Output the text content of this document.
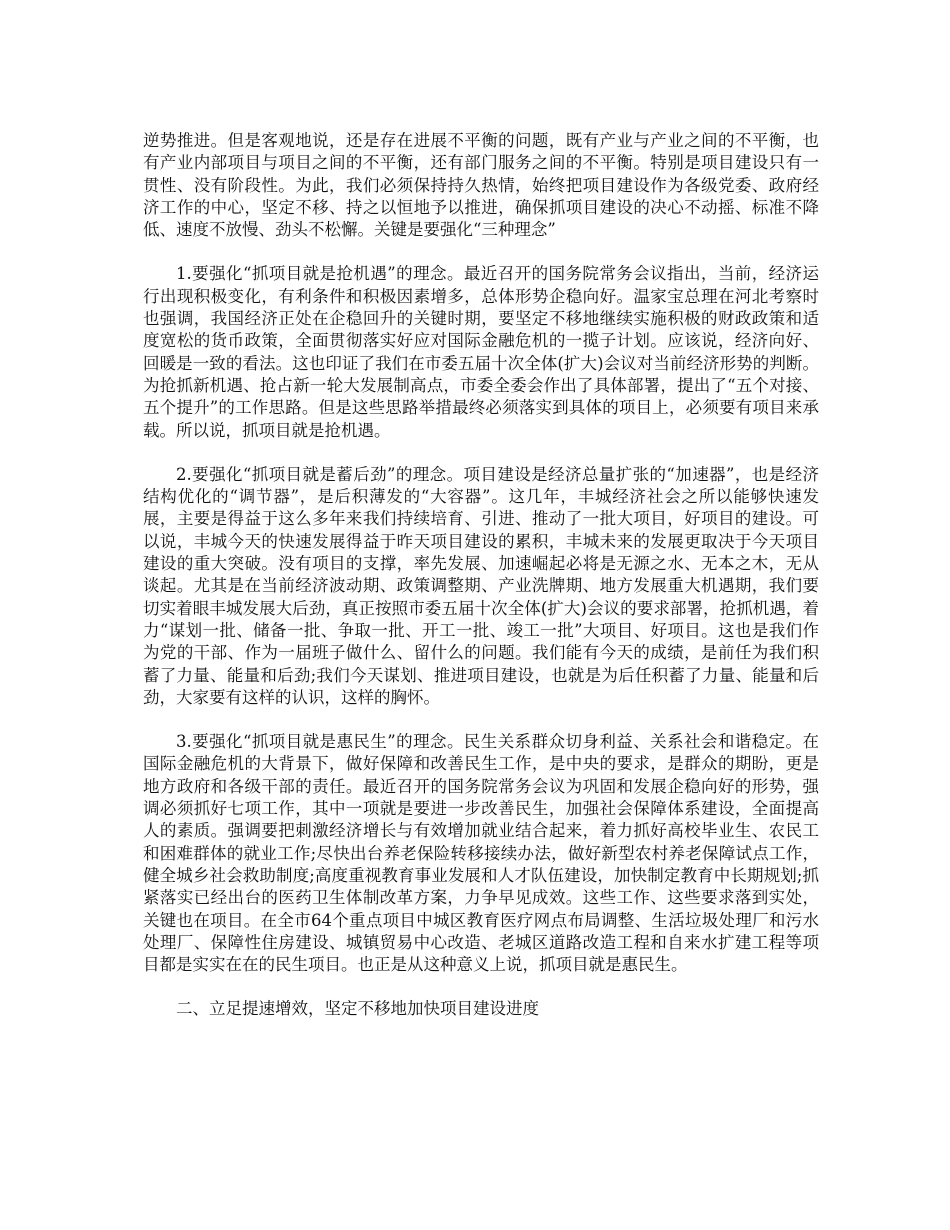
逆势推进。但是客观地说，还是存在进展不平衡的问题，既有产业与产业之间的不平衡，也有产业内部项目与项目之间的不平衡，还有部门服务之间的不平衡。特别是项目建设只有一贯性、没有阶段性。为此，我们必须保持持久热情，始终把项目建设作为各级党委、政府经济工作的中心，坚定不移、持之以恒地予以推进，确保抓项目建设的决心不动摇、标准不降低、速度不放慢、劲头不松懈。关键是要强化“三种理念”

1.要强化“抓项目就是抢机遇”的理念。最近召开的国务院常务会议指出，当前，经济运行出现积极变化，有利条件和积极因素增多，总体形势企稳向好。温家宝总理在河北考察时也强调，我国经济正处在企稳回升的关键时期，要坚定不移地继续实施积极的财政政策和适度宽松的货币政策，全面贯彻落实好应对国际金融危机的一揽子计划。应该说，经济向好、回暖是一致的看法。这也印证了我们在市委五届十次全体(扩大)会议对当前经济形势的判断。为抢抓新机遇、抢占新一轮大发展制高点，市委全委会作出了具体部署，提出了“五个对接、五个提升”的工作思路。但是这些思路举措最终必须落实到具体的项目上，必须要有项目来承载。所以说，抓项目就是抢机遇。

2.要强化“抓项目就是蓄后劲”的理念。项目建设是经济总量扩张的“加速器”，也是经济结构优化的“调节器”，是后积薄发的“大容器”。这几年，丰城经济社会之所以能够快速发展，主要是得益于这么多年来我们持续培育、引进、推动了一批大项目，好项目的建设。可以说，丰城今天的快速发展得益于昨天项目建设的累积，丰城未来的发展更取决于今天项目建设的重大突破。没有项目的支撑，率先发展、加速崛起必将是无源之水、无本之木，无从谈起。尤其是在当前经济波动期、政策调整期、产业洗牌期、地方发展重大机遇期，我们要切实着眼丰城发展大后劲，真正按照市委五届十次全体(扩大)会议的要求部署，抢抓机遇，着力“谋划一批、储备一批、争取一批、开工一批、竣工一批”大项目、好项目。这也是我们作为党的干部、作为一届班子做什么、留什么的问题。我们能有今天的成绩，是前任为我们积蓄了力量、能量和后劲;我们今天谋划、推进项目建设，也就是为后任积蓄了力量、能量和后劲，大家要有这样的认识，这样的胸怀。

3.要强化“抓项目就是惠民生”的理念。民生关系群众切身利益、关系社会和谐稳定。在国际金融危机的大背景下，做好保障和改善民生工作，是中央的要求，是群众的期盼，更是地方政府和各级干部的责任。最近召开的国务院常务会议为巩固和发展企稳向好的形势，强调必须抓好七项工作，其中一项就是要进一步改善民生，加强社会保障体系建设，全面提高人的素质。强调要把刺激经济增长与有效增加就业结合起来，着力抓好高校毕业生、农民工和困难群体的就业工作;尽快出台养老保险转移接续办法，做好新型农村养老保障试点工作，健全城乡社会救助制度;高度重视教育事业发展和人才队伍建设，加快制定教育中长期规划;抓紧落实已经出台的医药卫生体制改革方案，力争早见成效。这些工作、这些要求落到实处，关键也在项目。在全市64个重点项目中城区教育医疗网点布局调整、生活垃圾处理厂和污水处理厂、保障性住房建设、城镇贸易中心改造、老城区道路改造工程和自来水扩建工程等项目都是实实在在的民生项目。也正是从这种意义上说，抓项目就是惠民生。

二、立足提速增效，坚定不移地加快项目建设进度
